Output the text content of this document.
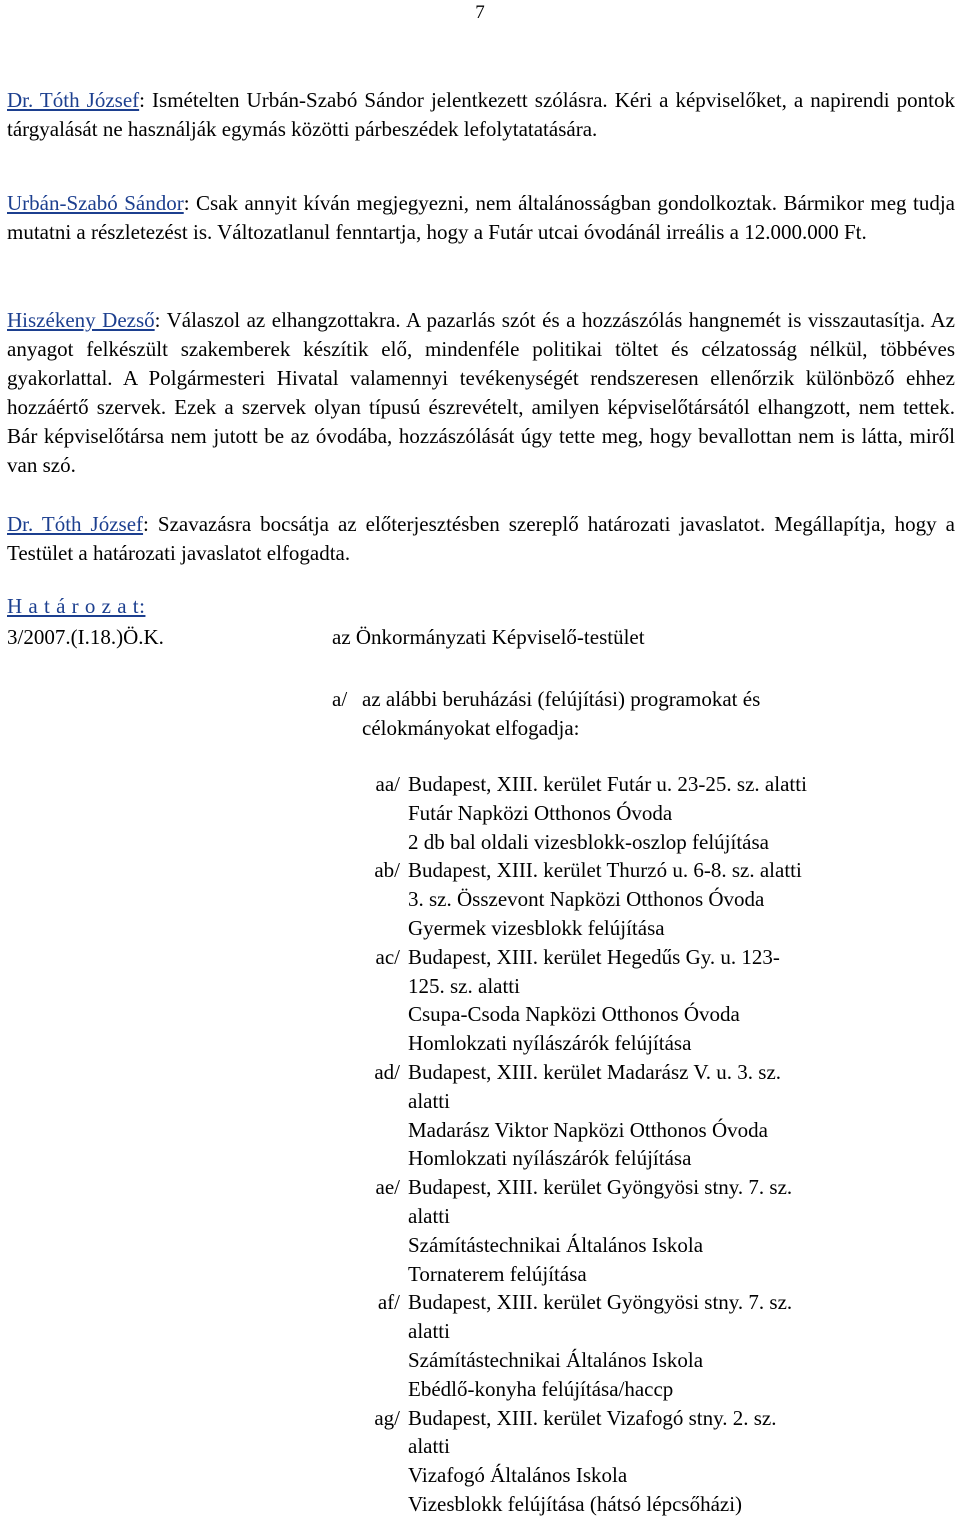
7

Dr. Tóth József: Ismételten Urbán-Szabó Sándor jelentkezett szólásra. Kéri a képviselőket, a napirendi pontok tárgyalását ne használják egymás közötti párbeszédek lefolytatatására.

Urbán-Szabó Sándor: Csak annyit kíván megjegyezni, nem általánosságban gondolkoztak. Bármikor meg tudja mutatni a részletezést is. Változatlanul fenntartja, hogy a Futár utcai óvodánál irreális a 12.000.000 Ft.

Hiszékeny Dezső: Válaszol az elhangzottakra. A pazarlás szót és a hozzászólás hangnemét is visszautasítja. Az anyagot felkészült szakemberek készítik elő, mindenféle politikai töltet és célzatosság nélkül, többéves gyakorlattal. A Polgármesteri Hivatal valamennyi tevékenységét rendszeresen ellenőrzik különböző ehhez hozzáértő szervek. Ezek a szervek olyan típusú észrevételt, amilyen képviselőtársától elhangzott, nem tettek. Bár képviselőtársa nem jutott be az óvodába, hozzászólását úgy tette meg, hogy bevallottan nem is látta, miről van szó.

Dr. Tóth József: Szavazásra bocsátja az előterjesztésben szereplő határozati javaslatot. Megállapítja, hogy a Testület a határozati javaslatot elfogadta.

H a t á r o z a t:
3/2007.(I.18.)Ö.K.	az Önkormányzati Képviselő-testület
a/ az alábbi beruházási (felújítási) programokat és célokmányokat elfogadja:
aa/ Budapest, XIII. kerület Futár u. 23-25. sz. alatti
Futár Napközi Otthonos Óvoda
2 db bal oldali vizesblokk-oszlop felújítása
ab/ Budapest, XIII. kerület Thurzó u. 6-8. sz. alatti
3. sz. Összevont Napközi Otthonos Óvoda
Gyermek vizesblokk felújítása
ac/ Budapest, XIII. kerület Hegedűs Gy. u. 123-
125. sz. alatti
Csupa-Csoda Napközi Otthonos Óvoda
Homlokzati nyílászárók felújítása
ad/ Budapest, XIII. kerület Madarász V. u. 3. sz.
alatti
Madarász Viktor Napközi Otthonos Óvoda
Homlokzati nyílászárók felújítása
ae/ Budapest, XIII. kerület Gyöngyösi stny. 7. sz.
alatti
Számítástechnikai Általános Iskola
Tornaterem felújítása
af/ Budapest, XIII. kerület Gyöngyösi stny. 7. sz.
alatti
Számítástechnikai Általános Iskola
Ebédlő-konyha felújítása/haccp
ag/ Budapest, XIII. kerület Vizafogó stny. 2. sz.
alatti
Vizafogó Általános Iskola
Vizesblokk felújítása (hátsó lépcsőházi)
